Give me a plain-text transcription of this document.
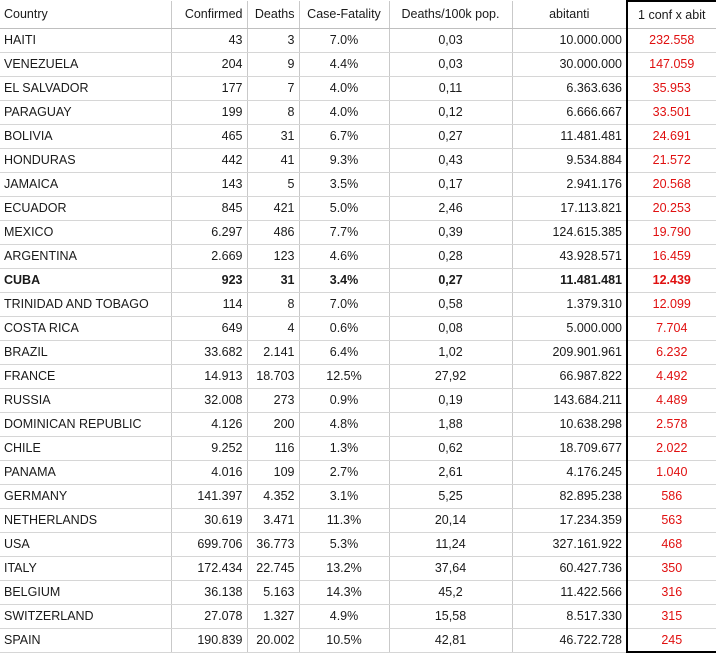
Country	Confirmed	Deaths	Case-Fatality	Deaths/100k pop.	abitanti	1 conf x abit
HAITI	43	3	7.0%	0,03	10.000.000	232.558
VENEZUELA	204	9	4.4%	0,03	30.000.000	147.059
EL SALVADOR	177	7	4.0%	0,11	6.363.636	35.953
PARAGUAY	199	8	4.0%	0,12	6.666.667	33.501
BOLIVIA	465	31	6.7%	0,27	11.481.481	24.691
HONDURAS	442	41	9.3%	0,43	9.534.884	21.572
JAMAICA	143	5	3.5%	0,17	2.941.176	20.568
ECUADOR	845	421	5.0%	2,46	17.113.821	20.253
MEXICO	6.297	486	7.7%	0,39	124.615.385	19.790
ARGENTINA	2.669	123	4.6%	0,28	43.928.571	16.459
CUBA	923	31	3.4%	0,27	11.481.481	12.439
TRINIDAD AND TOBAGO	114	8	7.0%	0,58	1.379.310	12.099
COSTA RICA	649	4	0.6%	0,08	5.000.000	7.704
BRAZIL	33.682	2.141	6.4%	1,02	209.901.961	6.232
FRANCE	14.913	18.703	12.5%	27,92	66.987.822	4.492
RUSSIA	32.008	273	0.9%	0,19	143.684.211	4.489
DOMINICAN REPUBLIC	4.126	200	4.8%	1,88	10.638.298	2.578
CHILE	9.252	116	1.3%	0,62	18.709.677	2.022
PANAMA	4.016	109	2.7%	2,61	4.176.245	1.040
GERMANY	141.397	4.352	3.1%	5,25	82.895.238	586
NETHERLANDS	30.619	3.471	11.3%	20,14	17.234.359	563
USA	699.706	36.773	5.3%	11,24	327.161.922	468
ITALY	172.434	22.745	13.2%	37,64	60.427.736	350
BELGIUM	36.138	5.163	14.3%	45,2	11.422.566	316
SWITZERLAND	27.078	1.327	4.9%	15,58	8.517.330	315
SPAIN	190.839	20.002	10.5%	42,81	46.722.728	245
